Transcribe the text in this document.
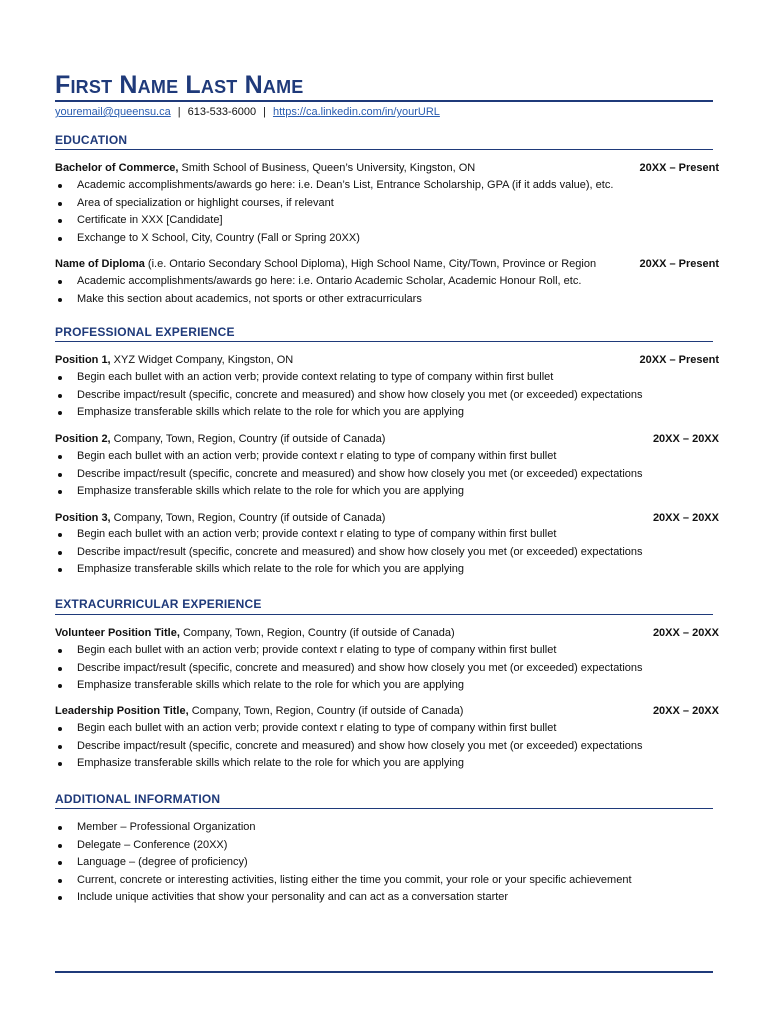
First Name Last Name
youremail@queensu.ca | 613-533-6000 | https://ca.linkedin.com/in/yourURL
EDUCATION
Bachelor of Commerce, Smith School of Business, Queen’s University, Kingston, ON	20XX – Present
Academic accomplishments/awards go here: i.e. Dean’s List, Entrance Scholarship, GPA (if it adds value), etc.
Area of specialization or highlight courses, if relevant
Certificate in XXX [Candidate]
Exchange to X School, City, Country (Fall or Spring 20XX)
Name of Diploma (i.e. Ontario Secondary School Diploma), High School Name, City/Town, Province or Region	20XX – Present
Academic accomplishments/awards go here: i.e. Ontario Academic Scholar, Academic Honour Roll, etc.
Make this section about academics, not sports or other extracurriculars
PROFESSIONAL EXPERIENCE
Position 1, XYZ Widget Company, Kingston, ON	20XX – Present
Begin each bullet with an action verb; provide context relating to type of company within first bullet
Describe impact/result (specific, concrete and measured) and show how closely you met (or exceeded) expectations
Emphasize transferable skills which relate to the role for which you are applying
Position 2, Company, Town, Region, Country (if outside of Canada)	20XX – 20XX
Begin each bullet with an action verb; provide context r elating to type of company within first bullet
Describe impact/result (specific, concrete and measured) and show how closely you met (or exceeded) expectations
Emphasize transferable skills which relate to the role for which you are applying
Position 3, Company, Town, Region, Country (if outside of Canada)	20XX – 20XX
Begin each bullet with an action verb; provide context r elating to type of company within first bullet
Describe impact/result (specific, concrete and measured) and show how closely you met (or exceeded) expectations
Emphasize transferable skills which relate to the role for which you are applying
EXTRACURRICULAR EXPERIENCE
Volunteer Position Title, Company, Town, Region, Country (if outside of Canada)	20XX – 20XX
Begin each bullet with an action verb; provide context r elating to type of company within first bullet
Describe impact/result (specific, concrete and measured) and show how closely you met (or exceeded) expectations
Emphasize transferable skills which relate to the role for which you are applying
Leadership Position Title, Company, Town, Region, Country (if outside of Canada)	20XX – 20XX
Begin each bullet with an action verb; provide context r elating to type of company within first bullet
Describe impact/result (specific, concrete and measured) and show how closely you met (or exceeded) expectations
Emphasize transferable skills which relate to the role for which you are applying
ADDITIONAL INFORMATION
Member – Professional Organization
Delegate – Conference (20XX)
Language – (degree of proficiency)
Current, concrete or interesting activities, listing either the time you commit, your role or your specific achievement
Include unique activities that show your personality and can act as a conversation starter
